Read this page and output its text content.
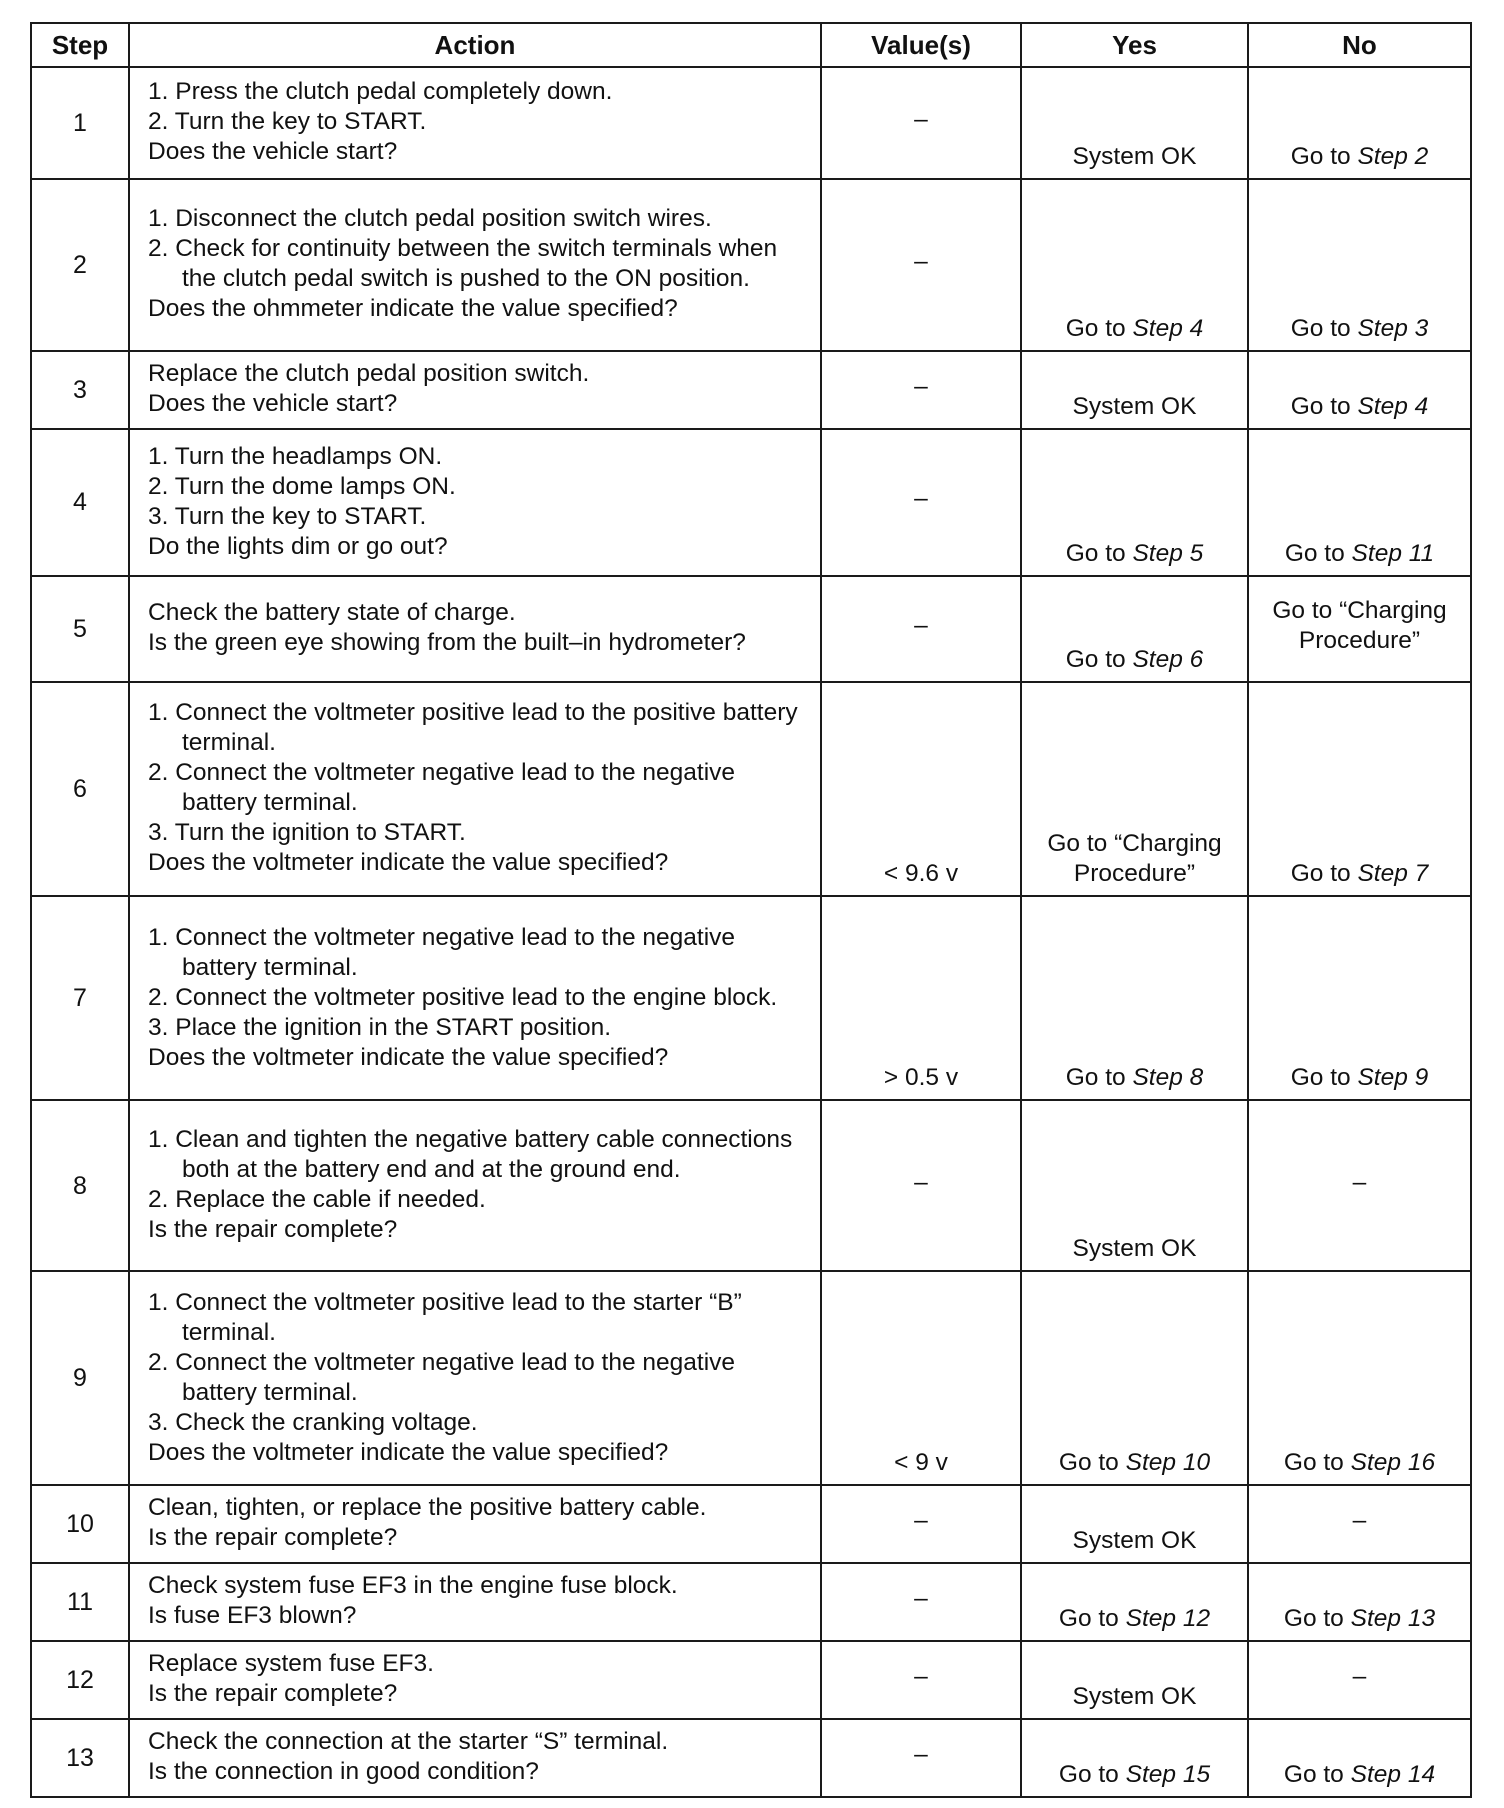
Step	Action	Value(s)	Yes	No
1	1. Press the clutch pedal completely down.
2. Turn the key to START.
Does the vehicle start?	–	System OK	Go to Step 2
2	1. Disconnect the clutch pedal position switch wires.
2. Check for continuity between the switch terminals when the clutch pedal switch is pushed to the ON position.
Does the ohmmeter indicate the value specified?	–	Go to Step 4	Go to Step 3
3	Replace the clutch pedal position switch.
Does the vehicle start?	–	System OK	Go to Step 4
4	1. Turn the headlamps ON.
2. Turn the dome lamps ON.
3. Turn the key to START.
Do the lights dim or go out?	–	Go to Step 5	Go to Step 11
5	Check the battery state of charge.
Is the green eye showing from the built–in hydrometer?	–	Go to Step 6	Go to “Charging Procedure”
6	1. Connect the voltmeter positive lead to the positive battery terminal.
2. Connect the voltmeter negative lead to the negative battery terminal.
3. Turn the ignition to START.
Does the voltmeter indicate the value specified?	< 9.6 v	Go to “Charging Procedure”	Go to Step 7
7	1. Connect the voltmeter negative lead to the negative battery terminal.
2. Connect the voltmeter positive lead to the engine block.
3. Place the ignition in the START position.
Does the voltmeter indicate the value specified?	> 0.5 v	Go to Step 8	Go to Step 9
8	1. Clean and tighten the negative battery cable connections both at the battery end and at the ground end.
2. Replace the cable if needed.
Is the repair complete?	–	System OK	–
9	1. Connect the voltmeter positive lead to the starter “B” terminal.
2. Connect the voltmeter negative lead to the negative battery terminal.
3. Check the cranking voltage.
Does the voltmeter indicate the value specified?	< 9 v	Go to Step 10	Go to Step 16
10	Clean, tighten, or replace the positive battery cable.
Is the repair complete?	–	System OK	–
11	Check system fuse EF3 in the engine fuse block.
Is fuse EF3 blown?	–	Go to Step 12	Go to Step 13
12	Replace system fuse EF3.
Is the repair complete?	–	System OK	–
13	Check the connection at the starter “S” terminal.
Is the connection in good condition?	–	Go to Step 15	Go to Step 14
